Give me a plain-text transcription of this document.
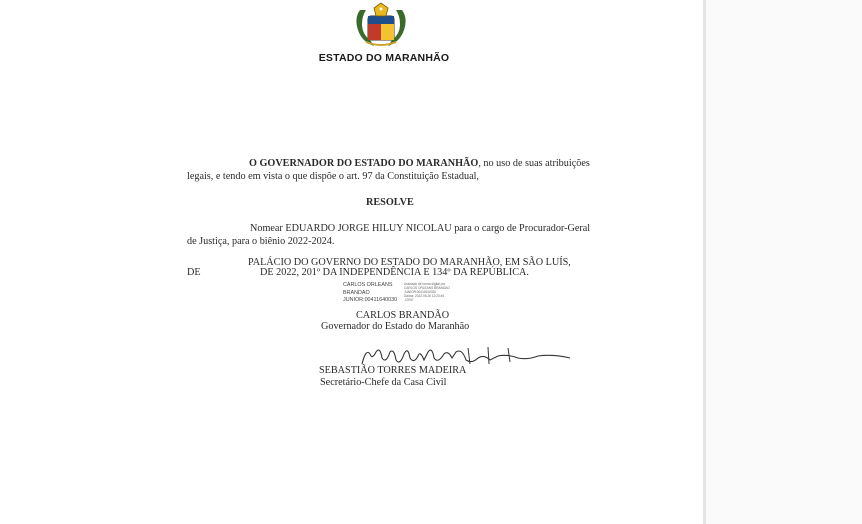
ESTADO DO MARANHÃO
O GOVERNADOR DO ESTADO DO MARANHÃO, no uso de suas atribuições
legais, e tendo em vista o que dispõe o art. 97 da Constituição Estadual,
RESOLVE
Nomear EDUARDO JORGE HILUY NICOLAU para o cargo de Procurador-Geral
de Justiça, para o biênio 2022-2024.
PALÁCIO DO GOVERNO DO ESTADO DO MARANHÃO, EM SÃO LUÍS,
DE	DE 2022, 201º DA INDEPENDÊNCIA E 134º DA REPÚBLICA.
CARLOS ORLEANS
BRANDAO
JUNIOR:00411640030
Assinado de forma digital por
CARLOS ORLEANS BRANDAO
JUNIOR:00411640030
Dados: 2022.05.26 12:23:46
-03'00'
CARLOS BRANDÃO
Governador do Estado do Maranhão
SEBASTIÃO TORRES MADEIRA
Secretário-Chefe da Casa Civil
